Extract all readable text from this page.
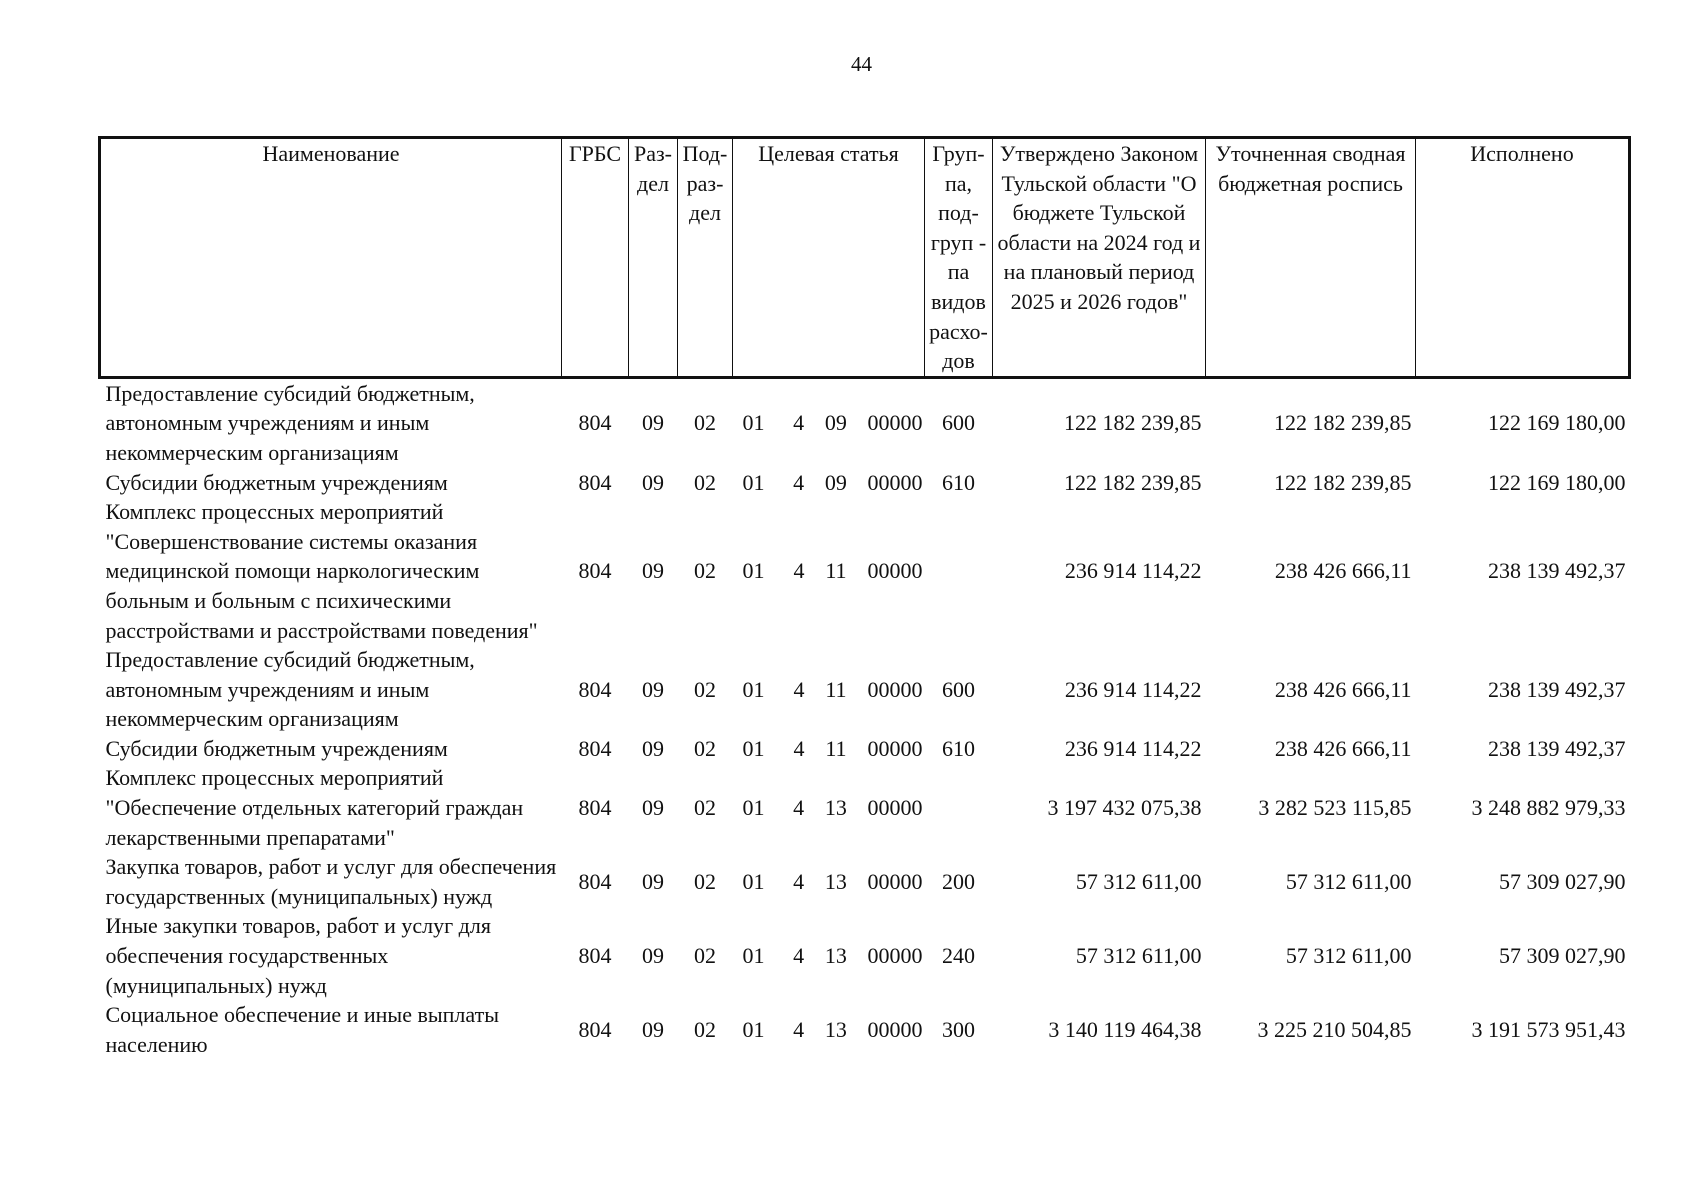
44
Наименование	ГРБС	Раз-дел	Под-раз-дел	Целевая статья	Груп-па, под-груп - па видов расхо-дов	Утверждено Законом Тульской области "О бюджете Тульской области на 2024 год и на плановый период 2025 и 2026 годов"	Уточненная сводная бюджетная роспись	Исполнено
Предоставление субсидий бюджетным, автономным учреждениям и иным некоммерческим организациям	804	09	02	01 4 09 00000	600	122 182 239,85	122 182 239,85	122 169 180,00
Субсидии бюджетным учреждениям	804	09	02	01 4 09 00000	610	122 182 239,85	122 182 239,85	122 169 180,00
Комплекс процессных мероприятий "Совершенствование системы оказания медицинской помощи наркологическим больным и больным с психическими расстройствами и расстройствами поведения"	804	09	02	01 4 11 00000		236 914 114,22	238 426 666,11	238 139 492,37
Предоставление субсидий бюджетным, автономным учреждениям и иным некоммерческим организациям	804	09	02	01 4 11 00000	600	236 914 114,22	238 426 666,11	238 139 492,37
Субсидии бюджетным учреждениям	804	09	02	01 4 11 00000	610	236 914 114,22	238 426 666,11	238 139 492,37
Комплекс процессных мероприятий "Обеспечение отдельных категорий граждан лекарственными препаратами"	804	09	02	01 4 13 00000		3 197 432 075,38	3 282 523 115,85	3 248 882 979,33
Закупка товаров, работ и услуг для обеспечения государственных (муниципальных) нужд	804	09	02	01 4 13 00000	200	57 312 611,00	57 312 611,00	57 309 027,90
Иные закупки товаров, работ и услуг для обеспечения государственных (муниципальных) нужд	804	09	02	01 4 13 00000	240	57 312 611,00	57 312 611,00	57 309 027,90
Социальное обеспечение и иные выплаты населению	804	09	02	01 4 13 00000	300	3 140 119 464,38	3 225 210 504,85	3 191 573 951,43
